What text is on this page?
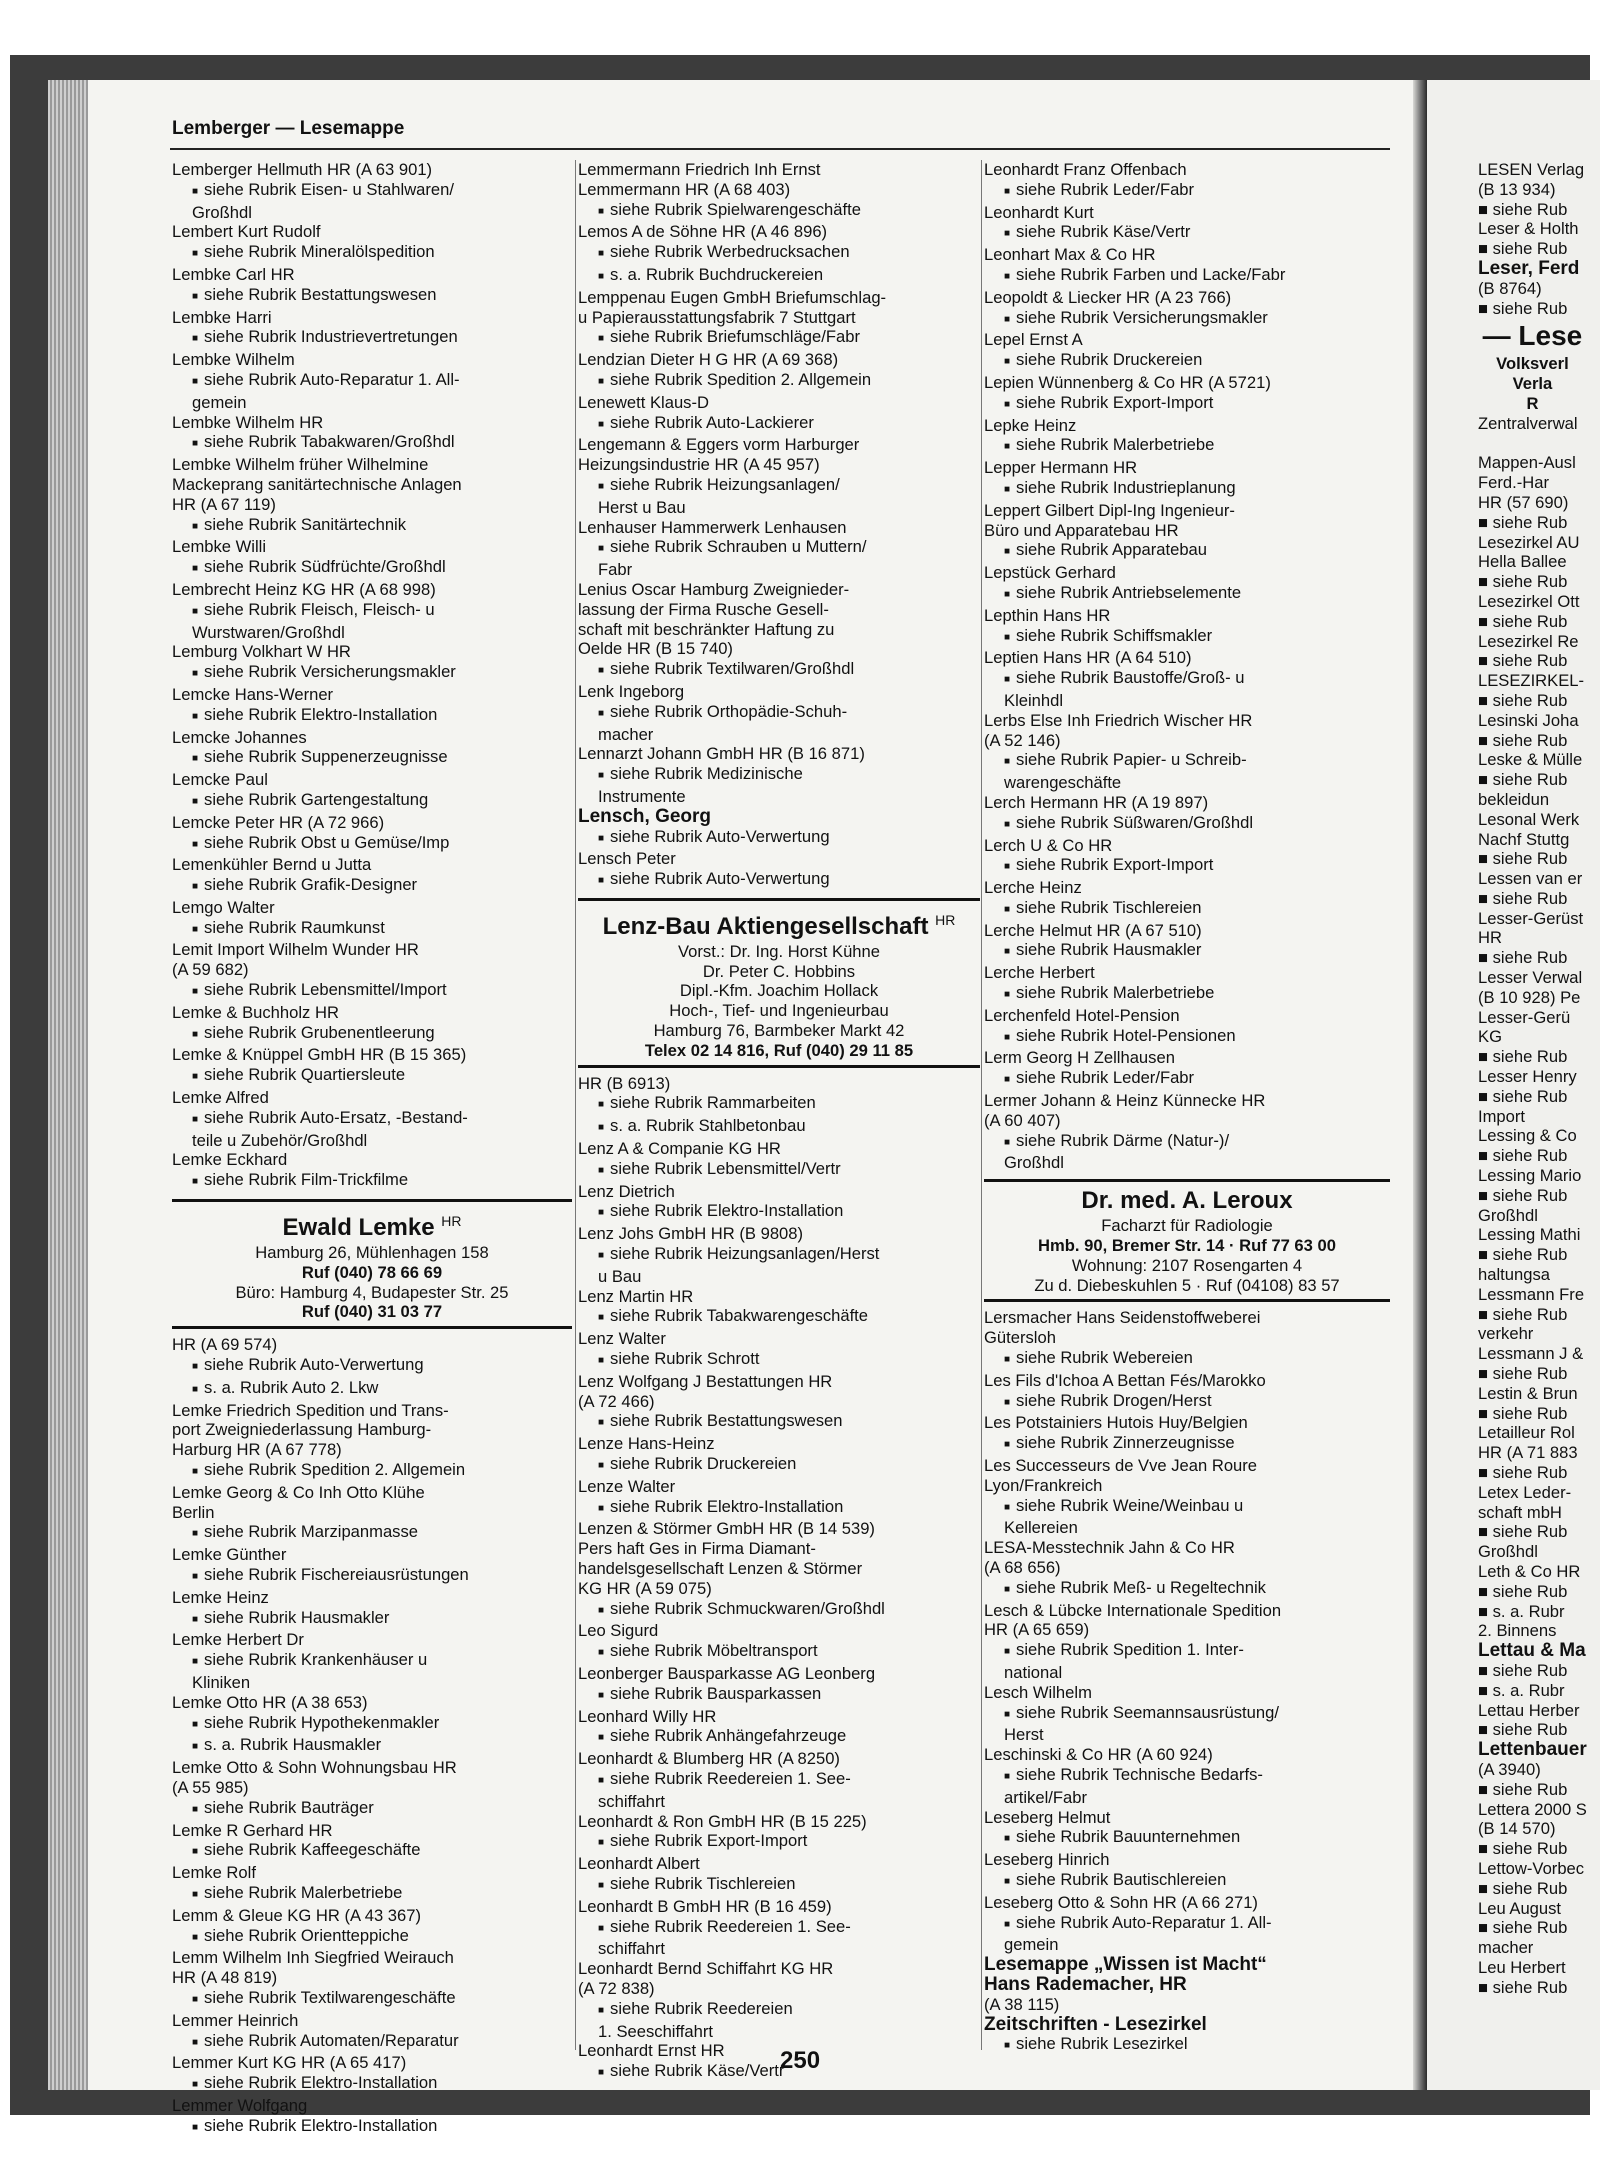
LESEN Verlag
(B 13 934)
■ siehe Rub
Leser & Holth
■ siehe Rub
Leser, Ferd
(B 8764)
■ siehe Rub
— Lese
Volksverl
Verla
R
Zentralverwal

Mappen-Ausl
Ferd.-Har
HR (57 690)
■ siehe Rub
Lesezirkel AU
Hella Ballee
■ siehe Rub
Lesezirkel Ott
■ siehe Rub
Lesezirkel Re
■ siehe Rub
LESEZIRKEL-
■ siehe Rub
Lesinski Joha
■ siehe Rub
Leske & Mülle
■ siehe Rub
bekleidun
Lesonal Werk
Nachf Stuttg
■ siehe Rub
Lessen van er
■ siehe Rub
Lesser-Gerüst
HR
■ siehe Rub
Lesser Verwal
(B 10 928) Pe
Lesser-Gerü
KG
■ siehe Rub
Lesser Henry
■ siehe Rub
Import
Lessing & Co
■ siehe Rub
Lessing Mario
■ siehe Rub
Großhdl
Lessing Mathi
■ siehe Rub
haltungsa
Lessmann Fre
■ siehe Rub
verkehr
Lessmann J &
■ siehe Rub
Lestin & Brun
■ siehe Rub
Letailleur Rol
HR (A 71 883
■ siehe Rub
Letex Leder-
schaft mbH
■ siehe Rub
Großhdl
Leth & Co HR
■ siehe Rub
■ s. a. Rubr
2. Binnens
Lettau & Ma
■ siehe Rub
■ s. a. Rubr
Lettau Herber
■ siehe Rub
Lettenbauer
(A 3940)
■ siehe Rub
Lettera 2000 S
(B 14 570)
■ siehe Rub
Lettow-Vorbec
■ siehe Rub
Leu August
■ siehe Rub
macher
Leu Herbert
■ siehe Rub
Lemberger — Lesemappe
Lemberger Hellmuth HR (A 63 901)
■ siehe Rubrik Eisen- u Stahlwaren/
Großhdl
Lembert Kurt Rudolf
■ siehe Rubrik Mineralölspedition
Lembke Carl HR
■ siehe Rubrik Bestattungswesen
Lembke Harri
■ siehe Rubrik Industrievertretungen
Lembke Wilhelm
■ siehe Rubrik Auto-Reparatur 1. All-
gemein
Lembke Wilhelm HR
■ siehe Rubrik Tabakwaren/Großhdl
Lembke Wilhelm früher Wilhelmine
Mackeprang sanitärtechnische Anlagen
HR (A 67 119)
■ siehe Rubrik Sanitärtechnik
Lembke Willi
■ siehe Rubrik Südfrüchte/Großhdl
Lembrecht Heinz KG HR (A 68 998)
■ siehe Rubrik Fleisch, Fleisch- u
Wurstwaren/Großhdl
Lemburg Volkhart W HR
■ siehe Rubrik Versicherungsmakler
Lemcke Hans-Werner
■ siehe Rubrik Elektro-Installation
Lemcke Johannes
■ siehe Rubrik Suppenerzeugnisse
Lemcke Paul
■ siehe Rubrik Gartengestaltung
Lemcke Peter HR (A 72 966)
■ siehe Rubrik Obst u Gemüse/Imp
Lemenkühler Bernd u Jutta
■ siehe Rubrik Grafik-Designer
Lemgo Walter
■ siehe Rubrik Raumkunst
Lemit Import Wilhelm Wunder HR
(A 59 682)
■ siehe Rubrik Lebensmittel/Import
Lemke & Buchholz HR
■ siehe Rubrik Grubenentleerung
Lemke & Knüppel GmbH HR (B 15 365)
■ siehe Rubrik Quartiersleute
Lemke Alfred
■ siehe Rubrik Auto-Ersatz, -Bestand-
teile u Zubehör/Großhdl
Lemke Eckhard
■ siehe Rubrik Film-Trickfilme
Ewald Lemke $^{HR}$
Hamburg 26, Mühlenhagen 158
Ruf (040) 78 66 69
Büro: Hamburg 4, Budapester Str. 25
Ruf (040) 31 03 77
HR (A 69 574)
■ siehe Rubrik Auto-Verwertung
■ s. a. Rubrik Auto 2. Lkw
Lemke Friedrich Spedition und Trans-
port Zweigniederlassung Hamburg-
Harburg HR (A 67 778)
■ siehe Rubrik Spedition 2. Allgemein
Lemke Georg & Co Inh Otto Klühe
Berlin
■ siehe Rubrik Marzipanmasse
Lemke Günther
■ siehe Rubrik Fischereiausrüstungen
Lemke Heinz
■ siehe Rubrik Hausmakler
Lemke Herbert Dr
■ siehe Rubrik Krankenhäuser u
Kliniken
Lemke Otto HR (A 38 653)
■ siehe Rubrik Hypothekenmakler
■ s. a. Rubrik Hausmakler
Lemke Otto & Sohn Wohnungsbau HR
(A 55 985)
■ siehe Rubrik Bauträger
Lemke R Gerhard HR
■ siehe Rubrik Kaffeegeschäfte
Lemke Rolf
■ siehe Rubrik Malerbetriebe
Lemm & Gleue KG HR (A 43 367)
■ siehe Rubrik Orientteppiche
Lemm Wilhelm Inh Siegfried Weirauch
HR (A 48 819)
■ siehe Rubrik Textilwarengeschäfte
Lemmer Heinrich
■ siehe Rubrik Automaten/Reparatur
Lemmer Kurt KG HR (A 65 417)
■ siehe Rubrik Elektro-Installation
Lemmer Wolfgang
■ siehe Rubrik Elektro-Installation
Lemmermann Friedrich Inh Ernst
Lemmermann HR (A 68 403)
■ siehe Rubrik Spielwarengeschäfte
Lemos A de Söhne HR (A 46 896)
■ siehe Rubrik Werbedrucksachen
■ s. a. Rubrik Buchdruckereien
Lemppenau Eugen GmbH Briefumschlag-
u Papierausstattungsfabrik 7 Stuttgart
■ siehe Rubrik Briefumschläge/Fabr
Lendzian Dieter H G HR (A 69 368)
■ siehe Rubrik Spedition 2. Allgemein
Lenewett Klaus-D
■ siehe Rubrik Auto-Lackierer
Lengemann & Eggers vorm Harburger
Heizungsindustrie HR (A 45 957)
■ siehe Rubrik Heizungsanlagen/
Herst u Bau
Lenhauser Hammerwerk Lenhausen
■ siehe Rubrik Schrauben u Muttern/
Fabr
Lenius Oscar Hamburg Zweignieder-
lassung der Firma Rusche Gesell-
schaft mit beschränkter Haftung zu
Oelde HR (B 15 740)
■ siehe Rubrik Textilwaren/Großhdl
Lenk Ingeborg
■ siehe Rubrik Orthopädie-Schuh-
macher
Lennarzt Johann GmbH HR (B 16 871)
■ siehe Rubrik Medizinische
Instrumente
Lensch, Georg
■ siehe Rubrik Auto-Verwertung
Lensch Peter
■ siehe Rubrik Auto-Verwertung
Lenz-Bau Aktiengesellschaft $^{HR}$
Vorst.: Dr. Ing. Horst Kühne
Dr. Peter C. Hobbins
Dipl.-Kfm. Joachim Hollack
Hoch-, Tief- und Ingenieurbau
Hamburg 76, Barmbeker Markt 42
Telex 02 14 816, Ruf (040) 29 11 85
HR (B 6913)
■ siehe Rubrik Rammarbeiten
■ s. a. Rubrik Stahlbetonbau
Lenz A & Companie KG HR
■ siehe Rubrik Lebensmittel/Vertr
Lenz Dietrich
■ siehe Rubrik Elektro-Installation
Lenz Johs GmbH HR (B 9808)
■ siehe Rubrik Heizungsanlagen/Herst
u Bau
Lenz Martin HR
■ siehe Rubrik Tabakwarengeschäfte
Lenz Walter
■ siehe Rubrik Schrott
Lenz Wolfgang J Bestattungen HR
(A 72 466)
■ siehe Rubrik Bestattungswesen
Lenze Hans-Heinz
■ siehe Rubrik Druckereien
Lenze Walter
■ siehe Rubrik Elektro-Installation
Lenzen & Störmer GmbH HR (B 14 539)
Pers haft Ges in Firma Diamant-
handelsgesellschaft Lenzen & Störmer
KG HR (A 59 075)
■ siehe Rubrik Schmuckwaren/Großhdl
Leo Sigurd
■ siehe Rubrik Möbeltransport
Leonberger Bausparkasse AG Leonberg
■ siehe Rubrik Bausparkassen
Leonhard Willy HR
■ siehe Rubrik Anhängefahrzeuge
Leonhardt & Blumberg HR (A 8250)
■ siehe Rubrik Reedereien 1. See-
schiffahrt
Leonhardt & Ron GmbH HR (B 15 225)
■ siehe Rubrik Export-Import
Leonhardt Albert
■ siehe Rubrik Tischlereien
Leonhardt B GmbH HR (B 16 459)
■ siehe Rubrik Reedereien 1. See-
schiffahrt
Leonhardt Bernd Schiffahrt KG HR
(A 72 838)
■ siehe Rubrik Reedereien
1. Seeschiffahrt
Leonhardt Ernst HR
■ siehe Rubrik Käse/Vertr
Leonhardt Franz Offenbach
■ siehe Rubrik Leder/Fabr
Leonhardt Kurt
■ siehe Rubrik Käse/Vertr
Leonhart Max & Co HR
■ siehe Rubrik Farben und Lacke/Fabr
Leopoldt & Liecker HR (A 23 766)
■ siehe Rubrik Versicherungsmakler
Lepel Ernst A
■ siehe Rubrik Druckereien
Lepien Wünnenberg & Co HR (A 5721)
■ siehe Rubrik Export-Import
Lepke Heinz
■ siehe Rubrik Malerbetriebe
Lepper Hermann HR
■ siehe Rubrik Industrieplanung
Leppert Gilbert Dipl-Ing Ingenieur-
Büro und Apparatebau HR
■ siehe Rubrik Apparatebau
Lepstück Gerhard
■ siehe Rubrik Antriebselemente
Lepthin Hans HR
■ siehe Rubrik Schiffsmakler
Leptien Hans HR (A 64 510)
■ siehe Rubrik Baustoffe/Groß- u
Kleinhdl
Lerbs Else Inh Friedrich Wischer HR
(A 52 146)
■ siehe Rubrik Papier- u Schreib-
warengeschäfte
Lerch Hermann HR (A 19 897)
■ siehe Rubrik Süßwaren/Großhdl
Lerch U & Co HR
■ siehe Rubrik Export-Import
Lerche Heinz
■ siehe Rubrik Tischlereien
Lerche Helmut HR (A 67 510)
■ siehe Rubrik Hausmakler
Lerche Herbert
■ siehe Rubrik Malerbetriebe
Lerchenfeld Hotel-Pension
■ siehe Rubrik Hotel-Pensionen
Lerm Georg H Zellhausen
■ siehe Rubrik Leder/Fabr
Lermer Johann & Heinz Künnecke HR
(A 60 407)
■ siehe Rubrik Därme (Natur-)/
Großhdl
Dr. med. A. Leroux
Facharzt für Radiologie
Hmb. 90, Bremer Str. 14 · Ruf 77 63 00
Wohnung: 2107 Rosengarten 4
Zu d. Diebeskuhlen 5 · Ruf (04108) 83 57
Lersmacher Hans Seidenstoffweberei
Gütersloh
■ siehe Rubrik Webereien
Les Fils d'Ichoa A Bettan Fés/Marokko
■ siehe Rubrik Drogen/Herst
Les Potstainiers Hutois Huy/Belgien
■ siehe Rubrik Zinnerzeugnisse
Les Successeurs de Vve Jean Roure
Lyon/Frankreich
■ siehe Rubrik Weine/Weinbau u
Kellereien
LESA-Messtechnik Jahn & Co HR
(A 68 656)
■ siehe Rubrik Meß- u Regeltechnik
Lesch & Lübcke Internationale Spedition
HR (A 65 659)
■ siehe Rubrik Spedition 1. Inter-
national
Lesch Wilhelm
■ siehe Rubrik Seemannsausrüstung/
Herst
Leschinski & Co HR (A 60 924)
■ siehe Rubrik Technische Bedarfs-
artikel/Fabr
Leseberg Helmut
■ siehe Rubrik Bauunternehmen
Leseberg Hinrich
■ siehe Rubrik Bautischlereien
Leseberg Otto & Sohn HR (A 66 271)
■ siehe Rubrik Auto-Reparatur 1. All-
gemein
Lesemappe „Wissen ist Macht“
Hans Rademacher, HR
(A 38 115)
Zeitschriften - Lesezirkel
■ siehe Rubrik Lesezirkel
250
